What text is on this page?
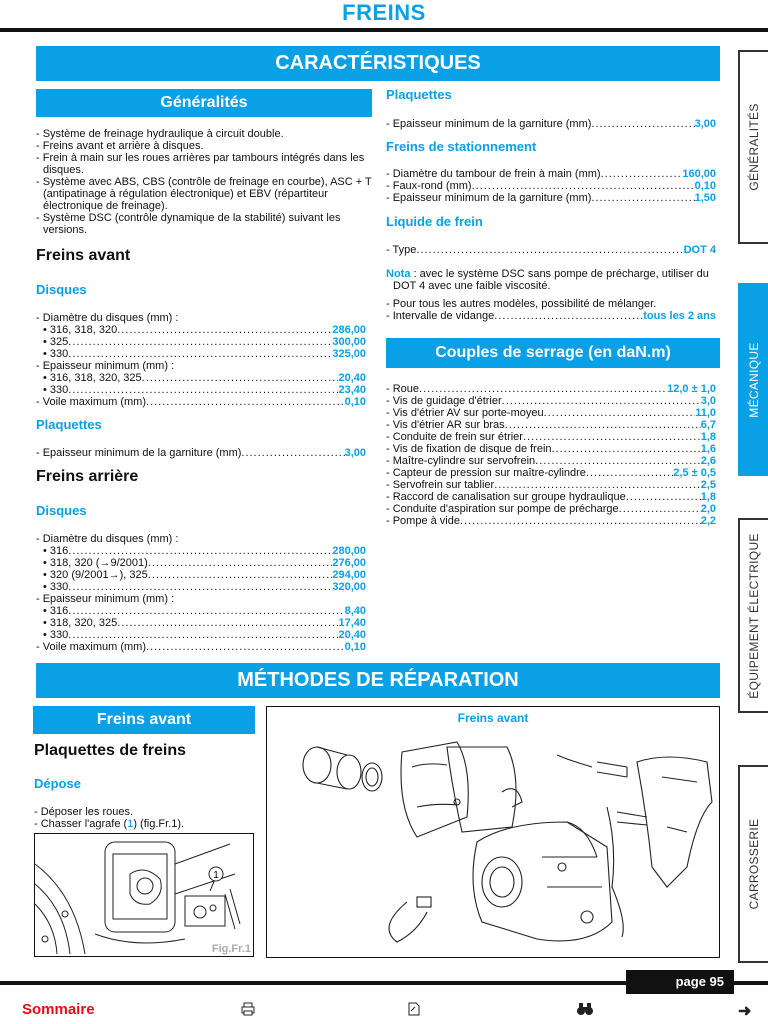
FREINS
CARACTÉRISTIQUES
Généralités
- Système de freinage hydraulique à circuit double.
- Freins avant et arrière à disques.
- Frein à main sur les roues arrières par tambours intégrés dans les disques.
- Système avec ABS, CBS (contrôle de freinage en courbe), ASC + T (antipatinage à régulation électronique) et EBV (répartiteur électronique de freinage).
- Système DSC (contrôle dynamique de la stabilité) suivant les versions.
Freins avant
Disques
- Diamètre du disques (mm) :
• 316, 318, 320 .....	286,00
• 325 .....	300,00
• 330 .....	325,00
- Epaisseur minimum (mm) :
• 316, 318, 320, 325 .....	20,40
• 330 .....	23,40
- Voile maximum (mm) .....	0,10
Plaquettes
- Epaisseur minimum de la garniture (mm) .....	3,00
Freins arrière
Disques
- Diamètre du disques (mm) :
• 316 .....	280,00
• 318, 320 (→9/2001) .....	276,00
• 320 (9/2001→), 325 .....	294,00
• 330 .....	320,00
- Epaisseur minimum (mm) :
• 316 .....	8,40
• 318, 320, 325 .....	17,40
• 330 .....	20,40
- Voile maximum (mm) .....	0,10
Plaquettes
- Epaisseur minimum de la garniture (mm) .....	3,00
Freins de stationnement
- Diamètre du tambour de frein à main (mm) .....	160,00
- Faux-rond (mm) .....	0,10
- Epaisseur minimum de la garniture (mm) .....	1,50
Liquide de frein
- Type .....	DOT 4
Nota : avec le système DSC sans pompe de précharge, utiliser du DOT 4 avec une faible viscosité.
- Pour tous les autres modèles, possibilité de mélanger.
- Intervalle de vidange .....	tous les 2 ans
Couples de serrage (en daN.m)
- Roue .....	12,0 ± 1,0
- Vis de guidage d'étrier .....	3,0
- Vis d'étrier AV sur porte-moyeu .....	11,0
- Vis d'étrier AR sur bras .....	6,7
- Conduite de frein sur étrier .....	1,8
- Vis de fixation de disque de frein .....	1,6
- Maître-cylindre sur servofrein .....	2,6
- Capteur de pression sur maître-cylindre .....	2,5 ± 0,5
- Servofrein sur tablier .....	2,5
- Raccord de canalisation sur groupe hydraulique .....	1,8
- Conduite d'aspiration sur pompe de précharge .....	2,0
- Pompe à vide .....	2,2
MÉTHODES DE RÉPARATION
Freins avant
Plaquettes de freins
Dépose
- Déposer les roues.
- Chasser l'agrafe (1) (fig.Fr.1).
1
Fig.Fr.1
Freins avant
GÉNÉRALITÉS
MÉCANIQUE
ÉQUIPEMENT ÉLECTRIQUE
CARROSSERIE
page 95
Sommaire	➜
